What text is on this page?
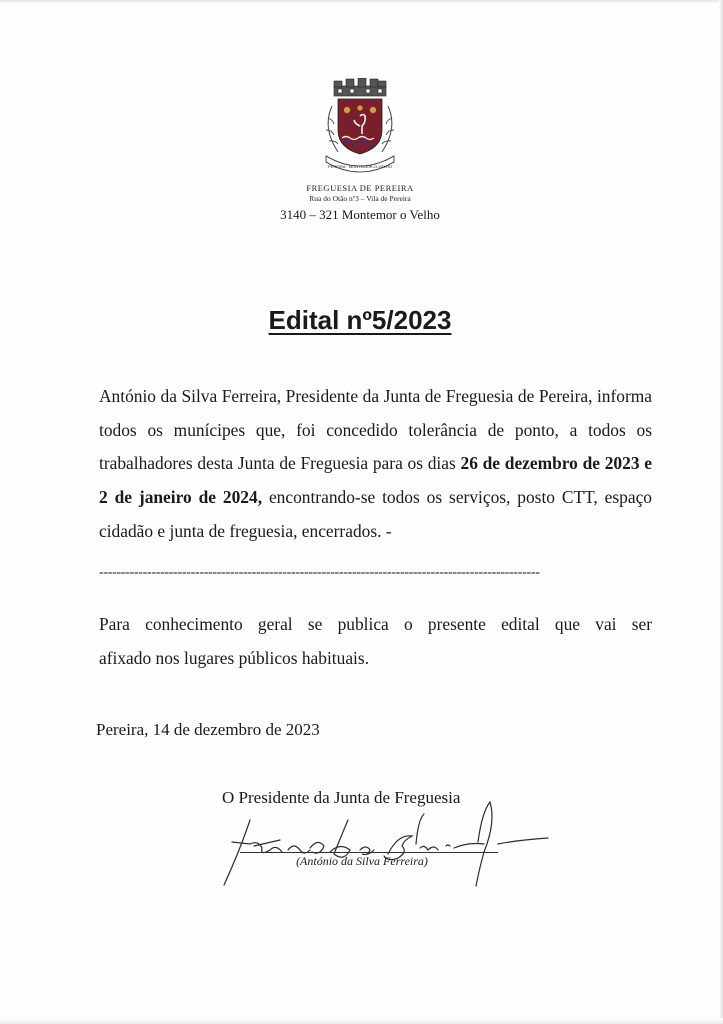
PEREIRA · MONTEMOR-O-VELHO
FREGUESIA DE PEREIRA
Rua do Otão nº3 – Vila de Pereira
3140 – 321 Montemor o Velho
Edital nº5/2023
António da Silva Ferreira, Presidente da Junta de Freguesia de Pereira, informa todos os munícipes que, foi concedido tolerância de ponto, a todos os trabalhadores desta Junta de Freguesia para os dias 26 de dezembro de 2023 e 2 de janeiro de 2024, encontrando-se todos os serviços, posto CTT, espaço cidadão e junta de freguesia, encerrados. -
-----------------------------------------------------------------------------------------------------
Para conhecimento geral se publica o presente edital que vai ser
afixado nos lugares públicos habituais.
Pereira, 14 de dezembro de 2023
O Presidente da Junta de Freguesia
(António da Silva Ferreira)
